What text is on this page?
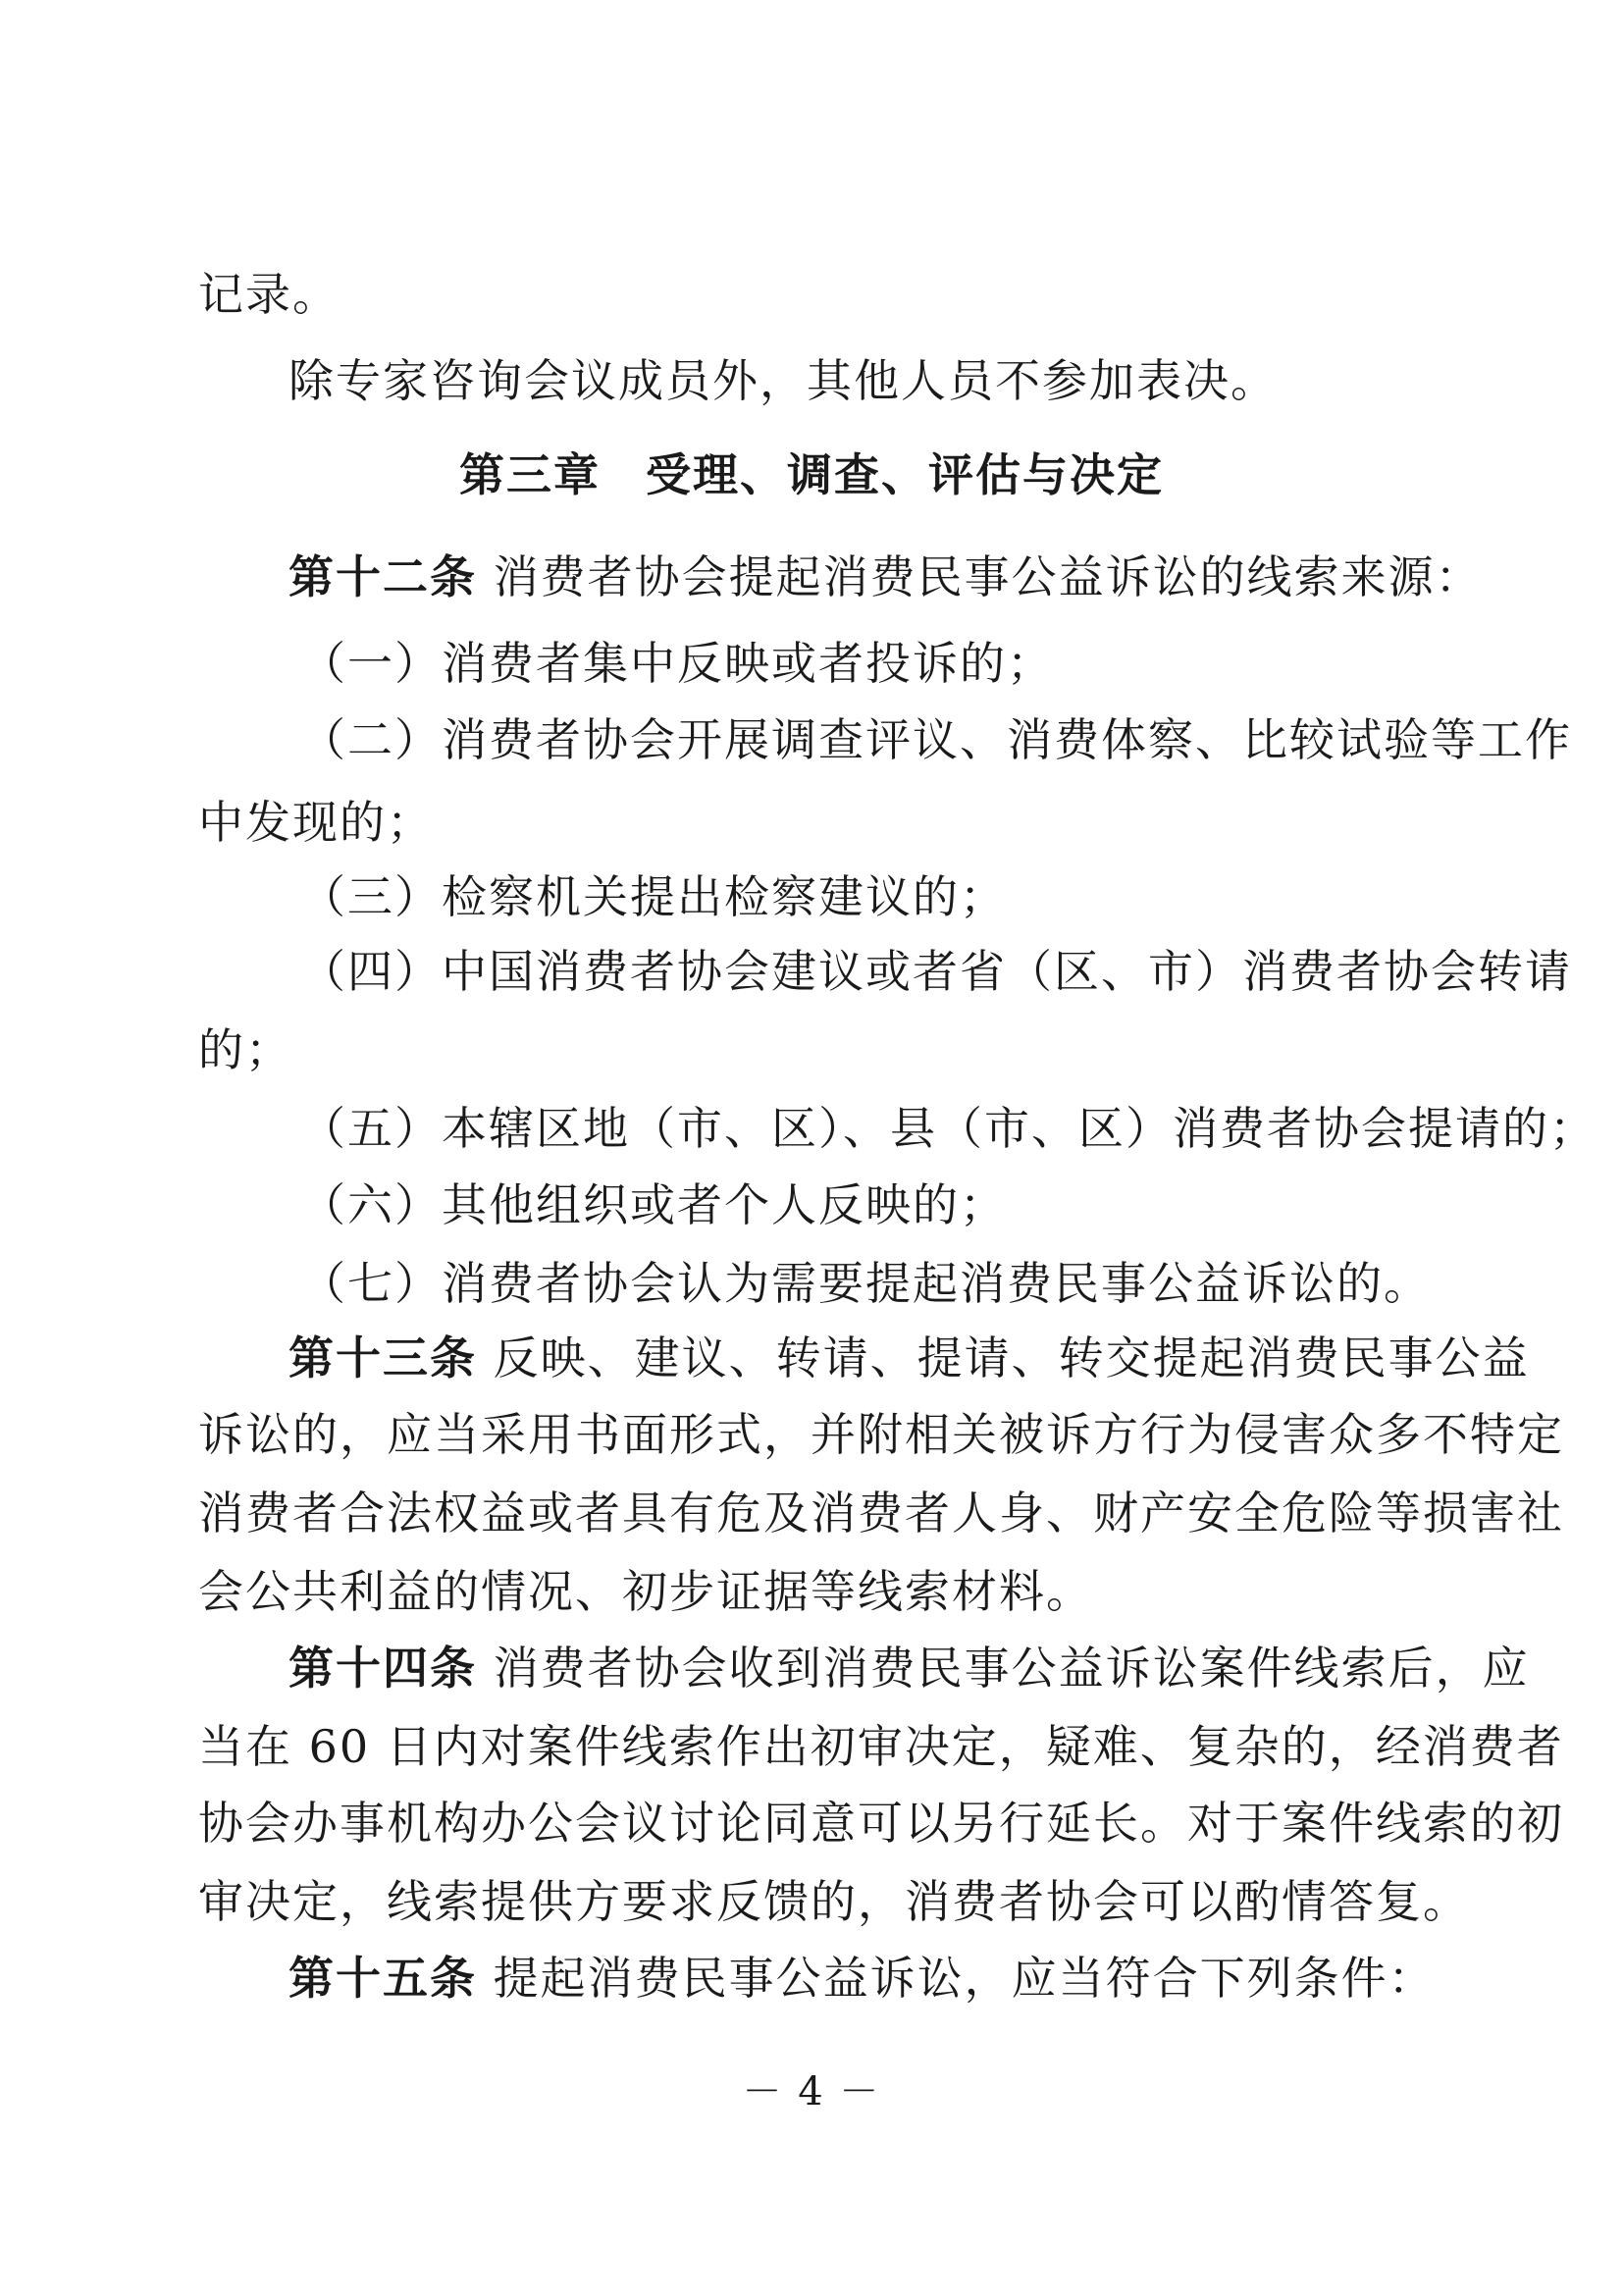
记录。
除专家咨询会议成员外，其他人员不参加表决。
第三章 受理、调查、评估与决定
第十二条 消费者协会提起消费民事公益诉讼的线索来源：
（一）消费者集中反映或者投诉的；
（二）消费者协会开展调查评议、消费体察、比较试验等工作
中发现的；
（三）检察机关提出检察建议的；
（四）中国消费者协会建议或者省（区、市）消费者协会转请
的；
（五）本辖区地（市、区）、县（市、区）消费者协会提请的；
（六）其他组织或者个人反映的；
（七）消费者协会认为需要提起消费民事公益诉讼的。
第十三条 反映、建议、转请、提请、转交提起消费民事公益
诉讼的，应当采用书面形式，并附相关被诉方行为侵害众多不特定
消费者合法权益或者具有危及消费者人身、财产安全危险等损害社
会公共利益的情况、初步证据等线索材料。
第十四条 消费者协会收到消费民事公益诉讼案件线索后，应
当在 60 日内对案件线索作出初审决定，疑难、复杂的，经消费者
协会办事机构办公会议讨论同意可以另行延长。对于案件线索的初
审决定，线索提供方要求反馈的，消费者协会可以酌情答复。
第十五条 提起消费民事公益诉讼，应当符合下列条件：
－ 4 －
